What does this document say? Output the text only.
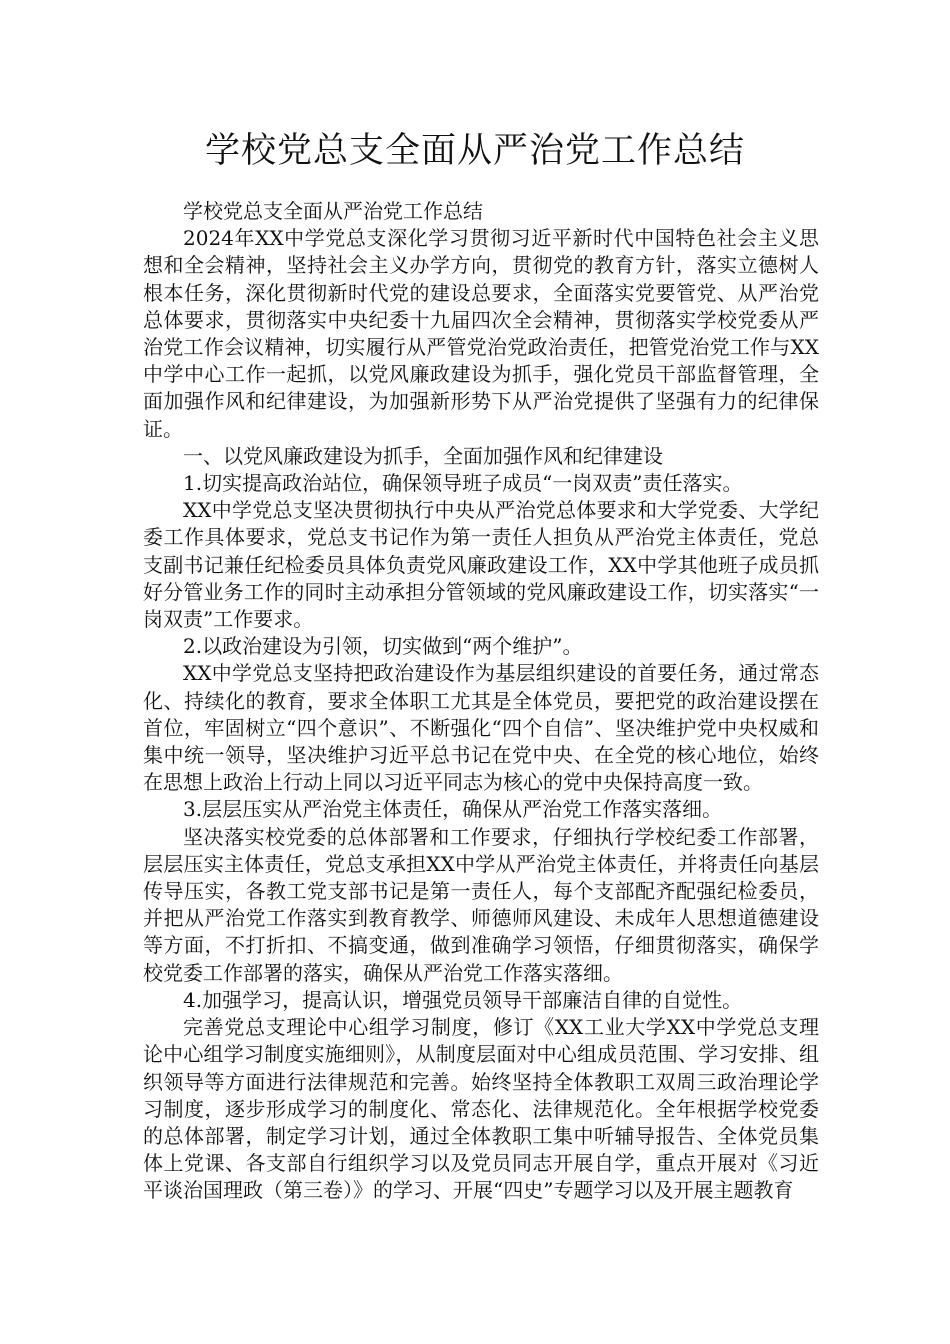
学校党总支全面从严治党工作总结

学校党总支全面从严治党工作总结

2024年XX中学党总支深化学习贯彻习近平新时代中国特色社会主义思想和全会精神，坚持社会主义办学方向，贯彻党的教育方针，落实立德树人根本任务，深化贯彻新时代党的建设总要求，全面落实党要管党、从严治党总体要求，贯彻落实中央纪委十九届四次全会精神，贯彻落实学校党委从严治党工作会议精神，切实履行从严管党治党政治责任，把管党治党工作与XX中学中心工作一起抓，以党风廉政建设为抓手，强化党员干部监督管理，全面加强作风和纪律建设，为加强新形势下从严治党提供了坚强有力的纪律保证。

一、以党风廉政建设为抓手，全面加强作风和纪律建设

1.切实提高政治站位，确保领导班子成员“一岗双责”责任落实。

XX中学党总支坚决贯彻执行中央从严治党总体要求和大学党委、大学纪委工作具体要求，党总支书记作为第一责任人担负从严治党主体责任，党总支副书记兼任纪检委员具体负责党风廉政建设工作，XX中学其他班子成员抓好分管业务工作的同时主动承担分管领域的党风廉政建设工作，切实落实“一岗双责”工作要求。

2.以政治建设为引领，切实做到“两个维护”。

XX中学党总支坚持把政治建设作为基层组织建设的首要任务，通过常态化、持续化的教育，要求全体职工尤其是全体党员，要把党的政治建设摆在首位，牢固树立“四个意识”、不断强化“四个自信”、坚决维护党中央权威和集中统一领导，坚决维护习近平总书记在党中央、在全党的核心地位，始终在思想上政治上行动上同以习近平同志为核心的党中央保持高度一致。

3.层层压实从严治党主体责任，确保从严治党工作落实落细。

坚决落实校党委的总体部署和工作要求，仔细执行学校纪委工作部署，层层压实主体责任，党总支承担XX中学从严治党主体责任，并将责任向基层传导压实，各教工党支部书记是第一责任人，每个支部配齐配强纪检委员，并把从严治党工作落实到教育教学、师德师风建设、未成年人思想道德建设等方面，不打折扣、不搞变通，做到准确学习领悟，仔细贯彻落实，确保学校党委工作部署的落实，确保从严治党工作落实落细。

4.加强学习，提高认识，增强党员领导干部廉洁自律的自觉性。

完善党总支理论中心组学习制度，修订《XX工业大学XX中学党总支理论中心组学习制度实施细则》，从制度层面对中心组成员范围、学习安排、组织领导等方面进行法律规范和完善。始终坚持全体教职工双周三政治理论学习制度，逐步形成学习的制度化、常态化、法律规范化。全年根据学校党委的总体部署，制定学习计划，通过全体教职工集中听辅导报告、全体党员集体上党课、各支部自行组织学习以及党员同志开展自学，重点开展对《习近平谈治国理政（第三卷）》的学习、开展“四史”专题学习以及开展主题教育
